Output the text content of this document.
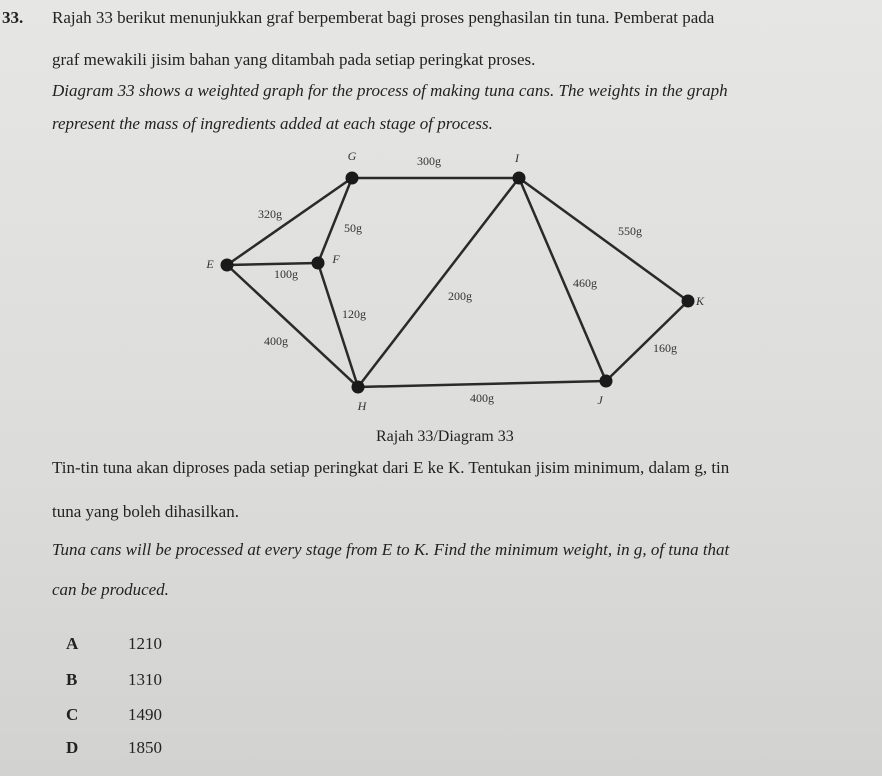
33. Rajah 33 berikut menunjukkan graf berpemberat bagi proses penghasilan tin tuna. Pemberat pada
graf mewakili jisim bahan yang ditambah pada setiap peringkat proses.
Diagram 33 shows a weighted graph for the process of making tuna cans. The weights in the graph
represent the mass of ingredients added at each stage of process.
320g
100g
400g
50g
120g
300g
200g
400g
460g
550g
160g
E	F
G
H
I
J
K
Rajah 33/Diagram 33
Tin-tin tuna akan diproses pada setiap peringkat dari E ke K. Tentukan jisim minimum, dalam g, tin
tuna yang boleh dihasilkan.
Tuna cans will be processed at every stage from E to K. Find the minimum weight, in g, of tuna that
can be produced.
A	1210
B	1310
C	1490
D	1850
